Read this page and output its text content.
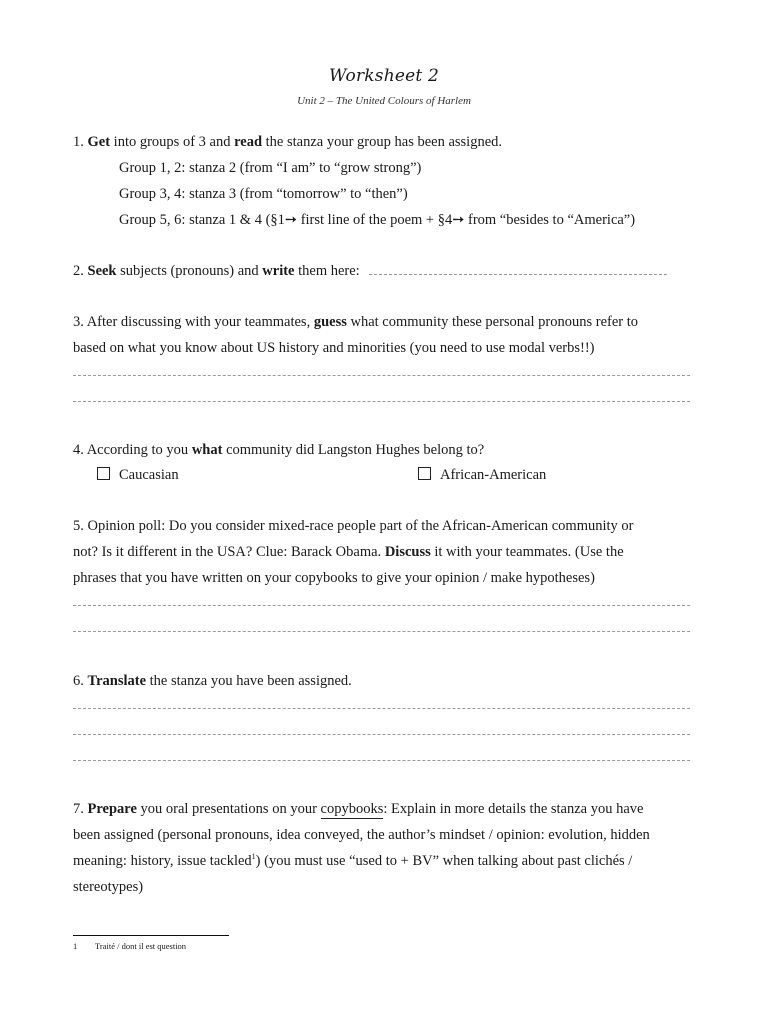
Worksheet 2
Unit 2 – The United Colours of Harlem
1. Get into groups of 3 and read the stanza your group has been assigned.
Group 1, 2: stanza 2 (from “I am” to “grow strong”)
Group 3, 4: stanza 3 (from “tomorrow” to “then”)
Group 5, 6: stanza 1 & 4 (§1➙ first line of the poem + §4➙ from “besides to “America”)
2. Seek subjects (pronouns) and write them here:
3. After discussing with your teammates, guess what community these personal pronouns refer to
based on what you know about US history and minorities (you need to use modal verbs!!)
4. According to you what community did Langston Hughes belong to?
Caucasian	African-American
5. Opinion poll: Do you consider mixed-race people part of the African-American community or
not? Is it different in the USA? Clue: Barack Obama. Discuss it with your teammates. (Use the
phrases that you have written on your copybooks to give your opinion / make hypotheses)
6. Translate the stanza you have been assigned.
7. Prepare you oral presentations on your copybooks: Explain in more details the stanza you have
been assigned (personal pronouns, idea conveyed, the author’s mindset / opinion: evolution, hidden
meaning: history, issue tackled$^1$) (you must use “used to + BV” when talking about past clichés /
stereotypes)
1 Traité / dont il est question
